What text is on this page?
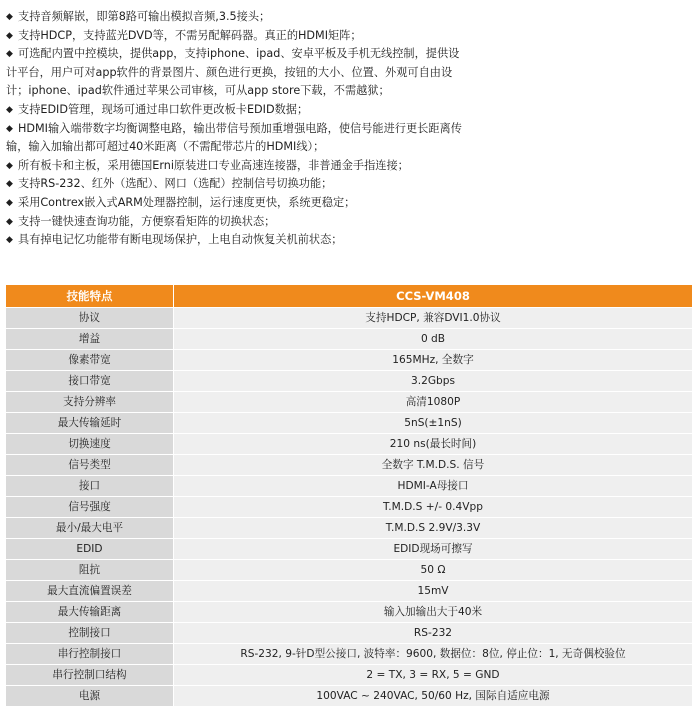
◆ 支持音频解嵌，即第8路可输出模拟音频,3.5接头；

◆ 支持HDCP，支持蓝光DVD等，不需另配解码器。真正的HDMI矩阵；

◆ 可选配内置中控模块，提供app，支持iphone、ipad、安卓平板及手机无线控制，提供设计平台，用户可对app软件的背景图片、颜色进行更换，按钮的大小、位置、外观可自由设计；iphone、ipad软件通过苹果公司审核，可从app store下载，不需越狱；

◆ 支持EDID管理，现场可通过串口软件更改板卡EDID数据；

◆ HDMI输入端带数字均衡调整电路，输出带信号预加重增强电路，使信号能进行更长距离传输，输入加输出都可超过40米距离（不需配带芯片的HDMI线）；

◆ 所有板卡和主板，采用德国Erni原装进口专业高速连接器，非普通金手指连接；

◆ 支持RS-232、红外（选配）、网口（选配）控制信号切换功能；

◆ 采用Contrex嵌入式ARM处理器控制，运行速度更快，系统更稳定；

◆ 支持一键快速查询功能，方便察看矩阵的切换状态；

◆ 具有掉电记忆功能带有断电现场保护，上电自动恢复关机前状态；

技能特点	CCS-VM408
协议	支持HDCP, 兼容DVI1.0协议
增益	0 dB
像素带宽	165MHz, 全数字
接口带宽	3.2Gbps
支持分辨率	高清1080P
最大传输延时	5nS(±1nS)
切换速度	210 ns(最长时间)
信号类型	全数字 T.M.D.S. 信号
接口	HDMI-A母接口
信号强度	T.M.D.S +/- 0.4Vpp
最小/最大电平	T.M.D.S 2.9V/3.3V
EDID	EDID现场可擦写
阻抗	50 Ω
最大直流偏置误差	15mV
最大传输距离	输入加输出大于40米
控制接口	RS-232
串行控制接口	RS-232, 9-针D型公接口, 波特率：9600, 数据位：8位, 停止位：1, 无奇偶校验位
串行控制口结构	2 = TX, 3 = RX, 5 = GND
电源	100VAC ~ 240VAC, 50/60 Hz, 国际自适应电源
